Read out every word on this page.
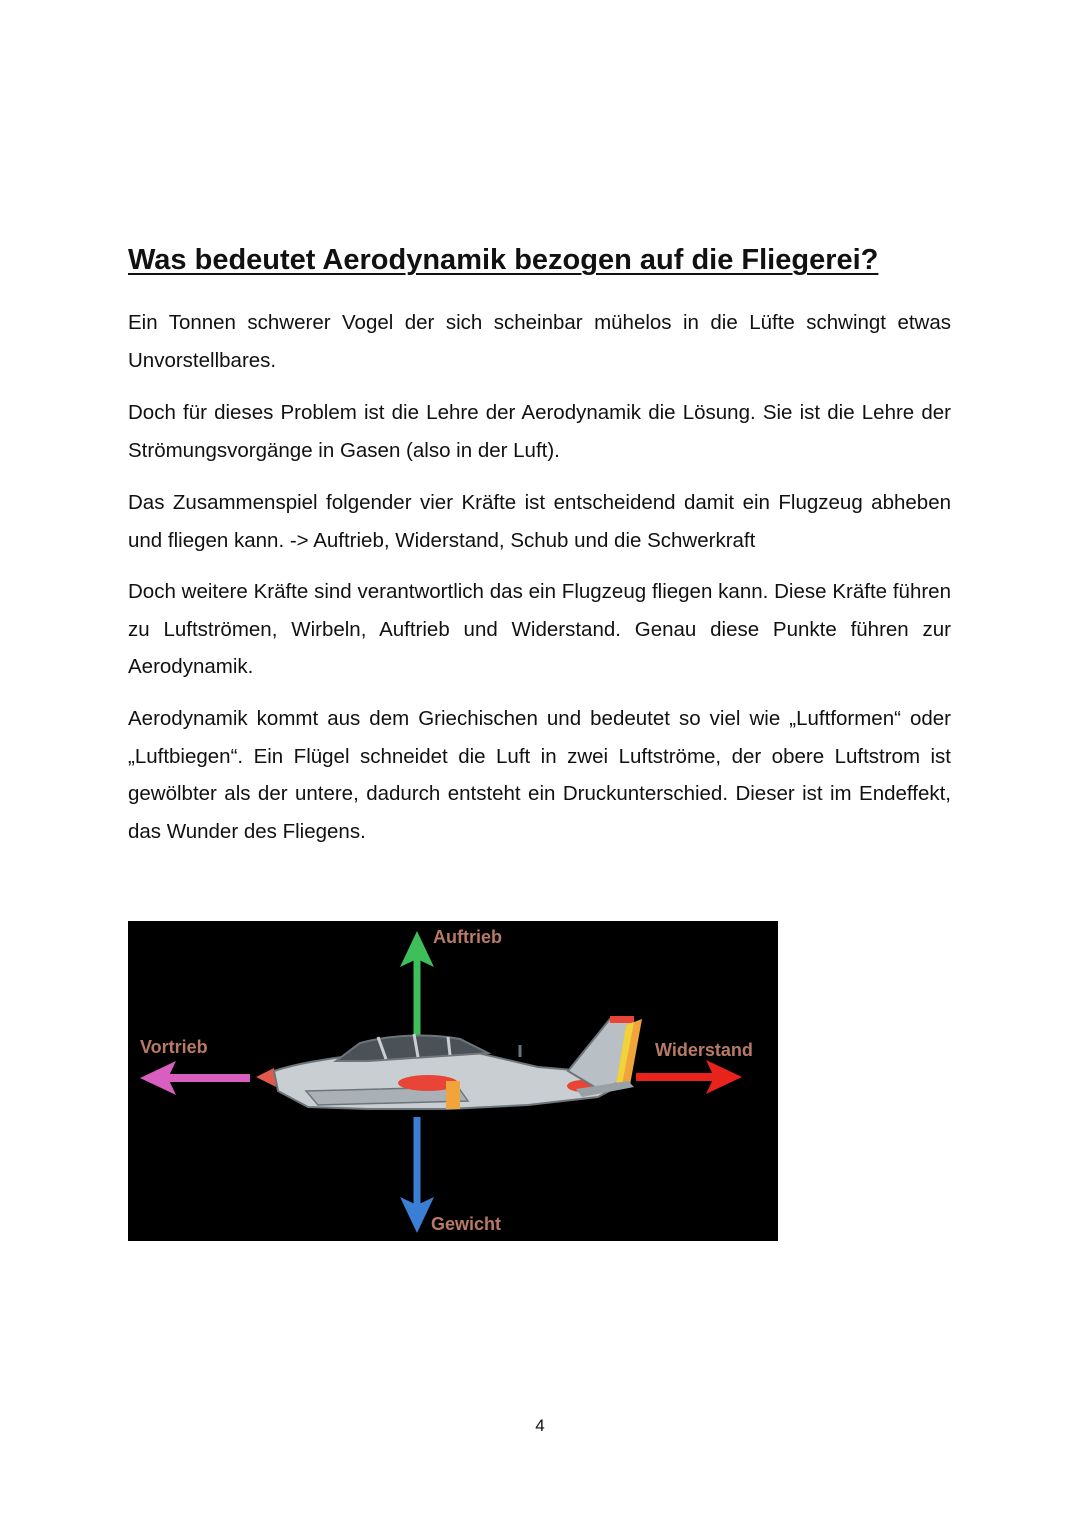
Was bedeutet Aerodynamik bezogen auf die Fliegerei?

Ein Tonnen schwerer Vogel der sich scheinbar mühelos in die Lüfte schwingt etwas Unvorstellbares.

Doch für dieses Problem ist die Lehre der Aerodynamik die Lösung. Sie ist die Lehre der Strömungsvorgänge in Gasen (also in der Luft).

Das Zusammenspiel folgender vier Kräfte ist entscheidend damit ein Flugzeug abheben und fliegen kann. -> Auftrieb, Widerstand, Schub und die Schwerkraft

Doch weitere Kräfte sind verantwortlich das ein Flugzeug fliegen kann. Diese Kräfte führen zu Luftströmen, Wirbeln, Auftrieb und Widerstand. Genau diese Punkte führen zur Aerodynamik.

Aerodynamik kommt aus dem Griechischen und bedeutet so viel wie „Luftformen“ oder „Luftbiegen“. Ein Flügel schneidet die Luft in zwei Luftströme, der obere Luftstrom ist gewölbter als der untere, dadurch entsteht ein Druckunterschied. Dieser ist im Endeffekt, das Wunder des Fliegens.

Auftrieb
Vortrieb	Widerstand
Gewicht
4
